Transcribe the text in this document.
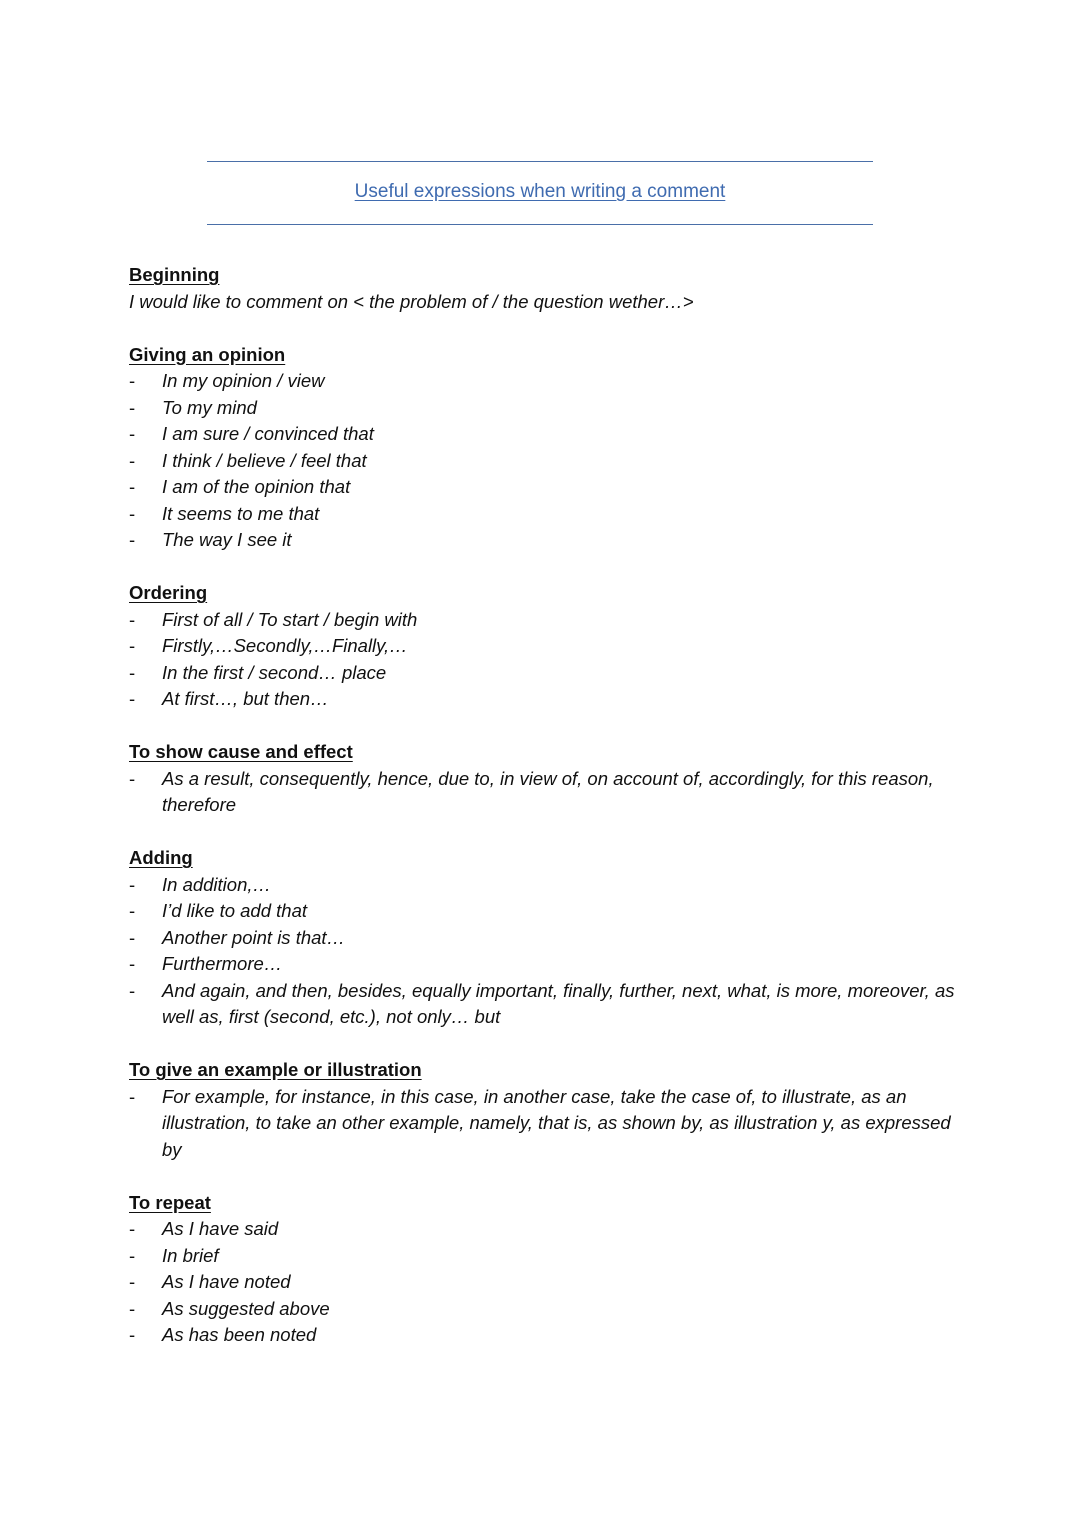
Useful expressions when writing a comment
Beginning
I would like to comment on < the problem of / the question wether…>
Giving an opinion
- In my opinion / view
- To my mind
- I am sure / convinced that
- I think / believe / feel that
- I am of the opinion that
- It seems to me that
- The way I see it
Ordering
- First of all / To start / begin with
- Firstly,…Secondly,…Finally,…
- In the first / second… place
- At first…, but then…
To show cause and effect
- As a result, consequently, hence, due to, in view of, on account of, accordingly, for this reason, therefore
Adding
- In addition,…
- I’d like to add that
- Another point is that…
- Furthermore…
- And again, and then, besides, equally important, finally, further, next, what, is more, moreover, as well as, first (second, etc.), not only… but
To give an example or illustration
- For example, for instance, in this case, in another case, take the case of, to illustrate, as an illustration, to take an other example, namely, that is, as shown by, as illustration y, as expressed by
To repeat
- As I have said
- In brief
- As I have noted
- As suggested above
- As has been noted
